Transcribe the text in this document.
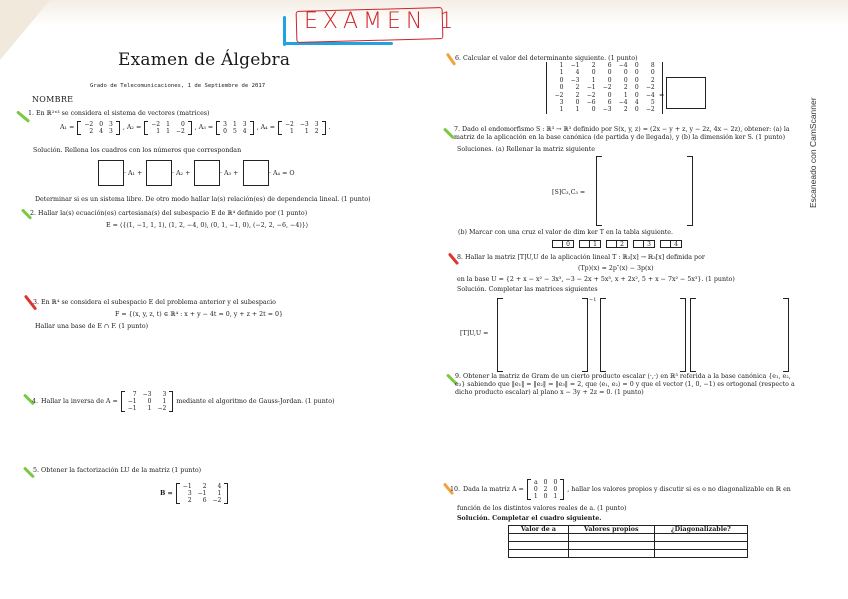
EXAMEN 1
Escaneado con CamScanner
Examen de Álgebra
Grado de Telecomunicaciones, 1 de Septiembre de 2017
NOMBRE
1. En ℝ²ˣ³ se considera el sistema de vectores (matrices)
A₁ = −2	0	3
2	4	3
, A₂ = −2	1	0
1	1	−2
, A₃ = 3	1	3
0	5	4
, A₄ = −2	−3	3
1	1	2
.
Solución. Rellena los cuadros con los números que correspondan
· A₁ +	· A₂ +	· A₃ +	· A₄ = O
Determinar si es un sistema libre. De otro modo hallar la(s) relación(es) de dependencia lineal. (1 punto)
2. Hallar la(s) ecuación(es) cartesiana(s) del subespacio E de ℝ⁴ definido por (1 punto)
E = ⟨{(1, −1, 1, 1), (1, 2, −4, 0), (0, 1, −1, 0), (−2, 2, −6, −4)}⟩
3. En ℝ⁴ se considera el subespacio E del problema anterior y el subespacio
F = {(x, y, z, t) ∈ ℝ⁴ : x + y − 4t = 0, y + z + 2t = 0}
Hallar una base de E ∩ F. (1 punto)
4. Hallar la inversa de A =
7	−3	3
−1	0	1
−1	1	−2
mediante el algoritmo de Gauss-Jordan. (1 punto)
5. Obtener la factorización LU de la matriz (1 punto)
B =
−1	2	4
3	−1	1
2	6	−2
6. Calcular el valor del determinante siguiente. (1 punto)
1	−1	2	6	−4	0	8
1	4	0	0	0	0	0
0	−3	1	0	0	0	2
0	2	−1	−2	2	0	−2
−2	2	−2	0	1	0	−4
3	0	−6	6	−4	4	5
1	1	0	−3	2	0	−2
=
7. Dado el endomorfismo S : ℝ³ → ℝ³ definido por S(x, y, z) = (2x − y + z, y − 2z, 4x − 2z), obtener: (a) la matriz de la aplicación en la base canónica (de partida y de llegada), y (b) la dimensión ker S. (1 punto)
Soluciones. (a) Rellenar la matriz siguiente
[S]C₃,C₃ =
(b) Marcar con una cruz el valor de dim ker T en la tabla siguiente.
0	1	2	3	4
8. Hallar la matriz [T]U,U de la aplicación lineal T : ℝ₃[x] → ℝ₃[x] definida por
(Tp)(x) = 2p″(x) − 3p(x)
en la base U = {2 + x − x² − 3x³, −3 − 2x + 5x³, x + 2x², 5 + x − 7x² − 5x³}. (1 punto)
Solución. Completar las matrices siguientes
[T]U,U =
−1
9. Obtener la matriz de Gram de un cierto producto escalar ⟨·,·⟩ en ℝ³ referida a la base canónica {e₁, e₂, e₃} sabiendo que ‖e₁‖ = ‖e₂‖ = ‖e₃‖ = 2, que ⟨e₁, e₂⟩ = 0 y que el vector (1, 0, −1) es ortogonal (respecto a dicho producto escalar) al plano x − 3y + 2z = 0. (1 punto)
10. Dada la matriz A =
a	0	0
0	2	0
1	0	1
, hallar los valores propios y discutir si es o no diagonalizable en ℝ en
función de los distintos valores reales de a. (1 punto)
Solución. Completar el cuadro siguiente.
Valor de a	Valores propios	¿Diagonalizable?
